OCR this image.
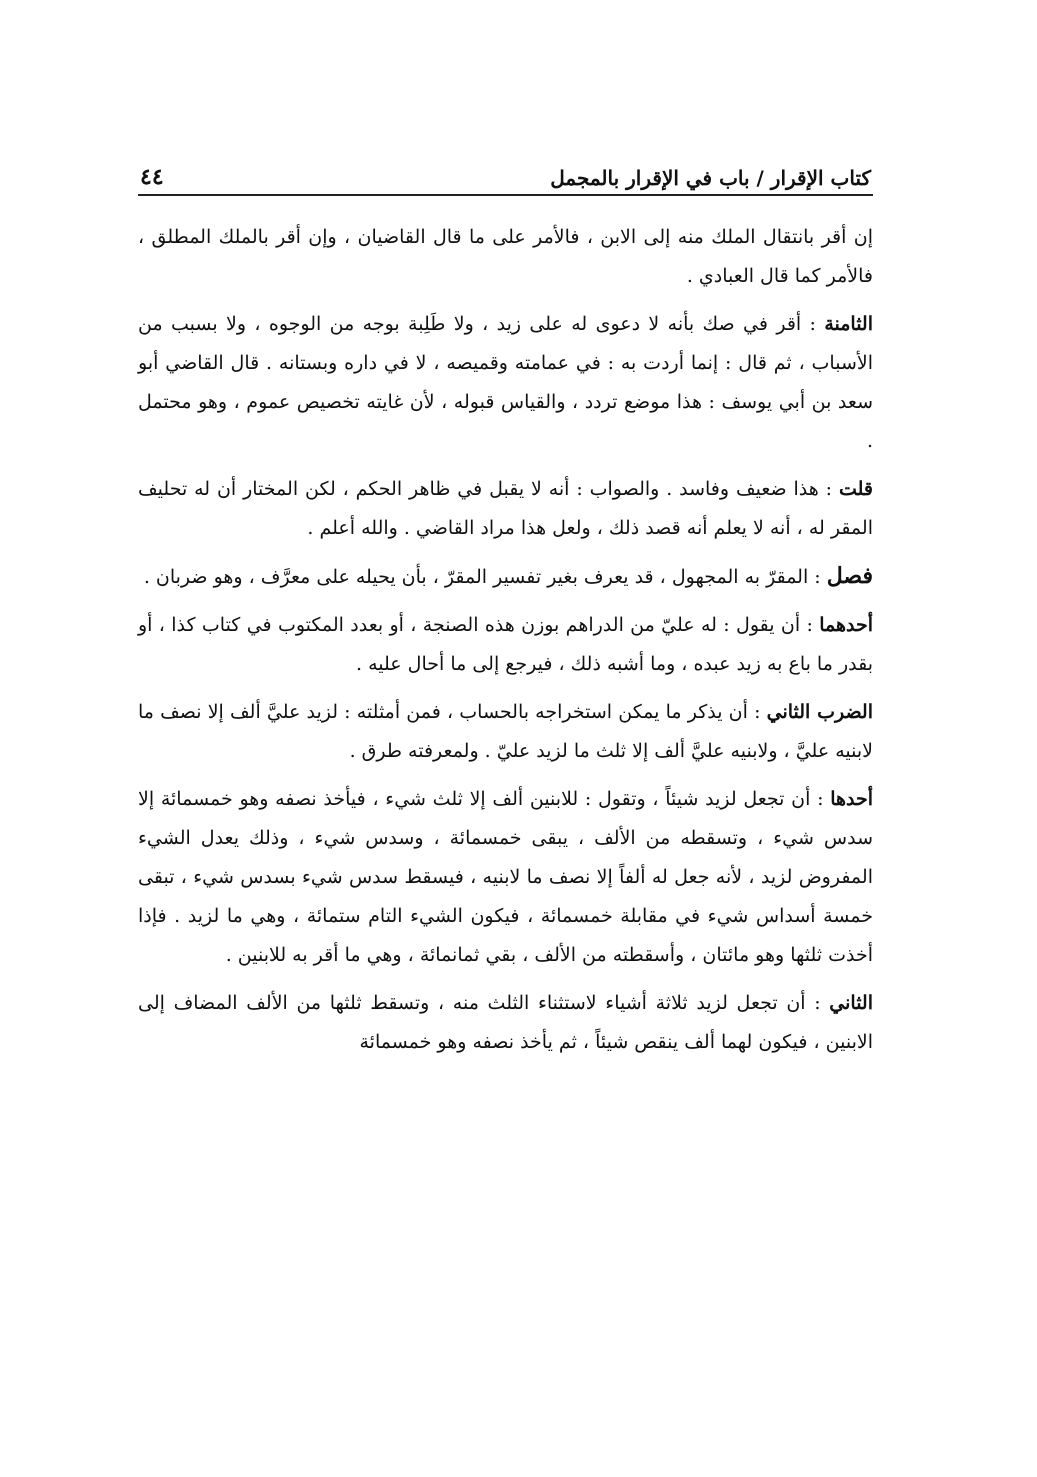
كتاب الإقرار / باب في الإقرار بالمجمل
٤٤

إن أقر بانتقال الملك منه إلى الابن ، فالأمر على ما قال القاضيان ، وإن أقر بالملك المطلق ، فالأمر كما قال العبادي .

الثامنة : أقر في صك بأنه لا دعوى له على زيد ، ولا طَلِبة بوجه من الوجوه ، ولا بسبب من الأسباب ، ثم قال : إنما أردت به : في عمامته وقميصه ، لا في داره وبستانه . قال القاضي أبو سعد بن أبي يوسف : هذا موضع تردد ، والقياس قبوله ، لأن غايته تخصيص عموم ، وهو محتمل .

قلت : هذا ضعيف وفاسد . والصواب : أنه لا يقبل في ظاهر الحكم ، لكن المختار أن له تحليف المقر له ، أنه لا يعلم أنه قصد ذلك ، ولعل هذا مراد القاضي . والله أعلم .

فصل : المقرّ به المجهول ، قد يعرف بغير تفسير المقرّ ، بأن يحيله على معرَّف ، وهو ضربان .

أحدهما : أن يقول : له عليّ من الدراهم بوزن هذه الصنجة ، أو بعدد المكتوب في كتاب كذا ، أو بقدر ما باع به زيد عبده ، وما أشبه ذلك ، فيرجع إلى ما أحال عليه .

الضرب الثاني : أن يذكر ما يمكن استخراجه بالحساب ، فمن أمثلته : لزيد عليَّ ألف إلا نصف ما لابنيه عليَّ ، ولابنيه عليَّ ألف إلا ثلث ما لزيد عليّ . ولمعرفته طرق .

أحدها : أن تجعل لزيد شيئاً ، وتقول : للابنين ألف إلا ثلث شيء ، فيأخذ نصفه وهو خمسمائة إلا سدس شيء ، وتسقطه من الألف ، يبقى خمسمائة ، وسدس شيء ، وذلك يعدل الشيء المفروض لزيد ، لأنه جعل له ألفاً إلا نصف ما لابنيه ، فيسقط سدس شيء بسدس شيء ، تبقى خمسة أسداس شيء في مقابلة خمسمائة ، فيكون الشيء التام ستمائة ، وهي ما لزيد . فإذا أخذت ثلثها وهو مائتان ، وأسقطته من الألف ، بقي ثمانمائة ، وهي ما أقر به للابنين .

الثاني : أن تجعل لزيد ثلاثة أشياء لاستثناء الثلث منه ، وتسقط ثلثها من الألف المضاف إلى الابنين ، فيكون لهما ألف ينقص شيئاً ، ثم يأخذ نصفه وهو خمسمائة
